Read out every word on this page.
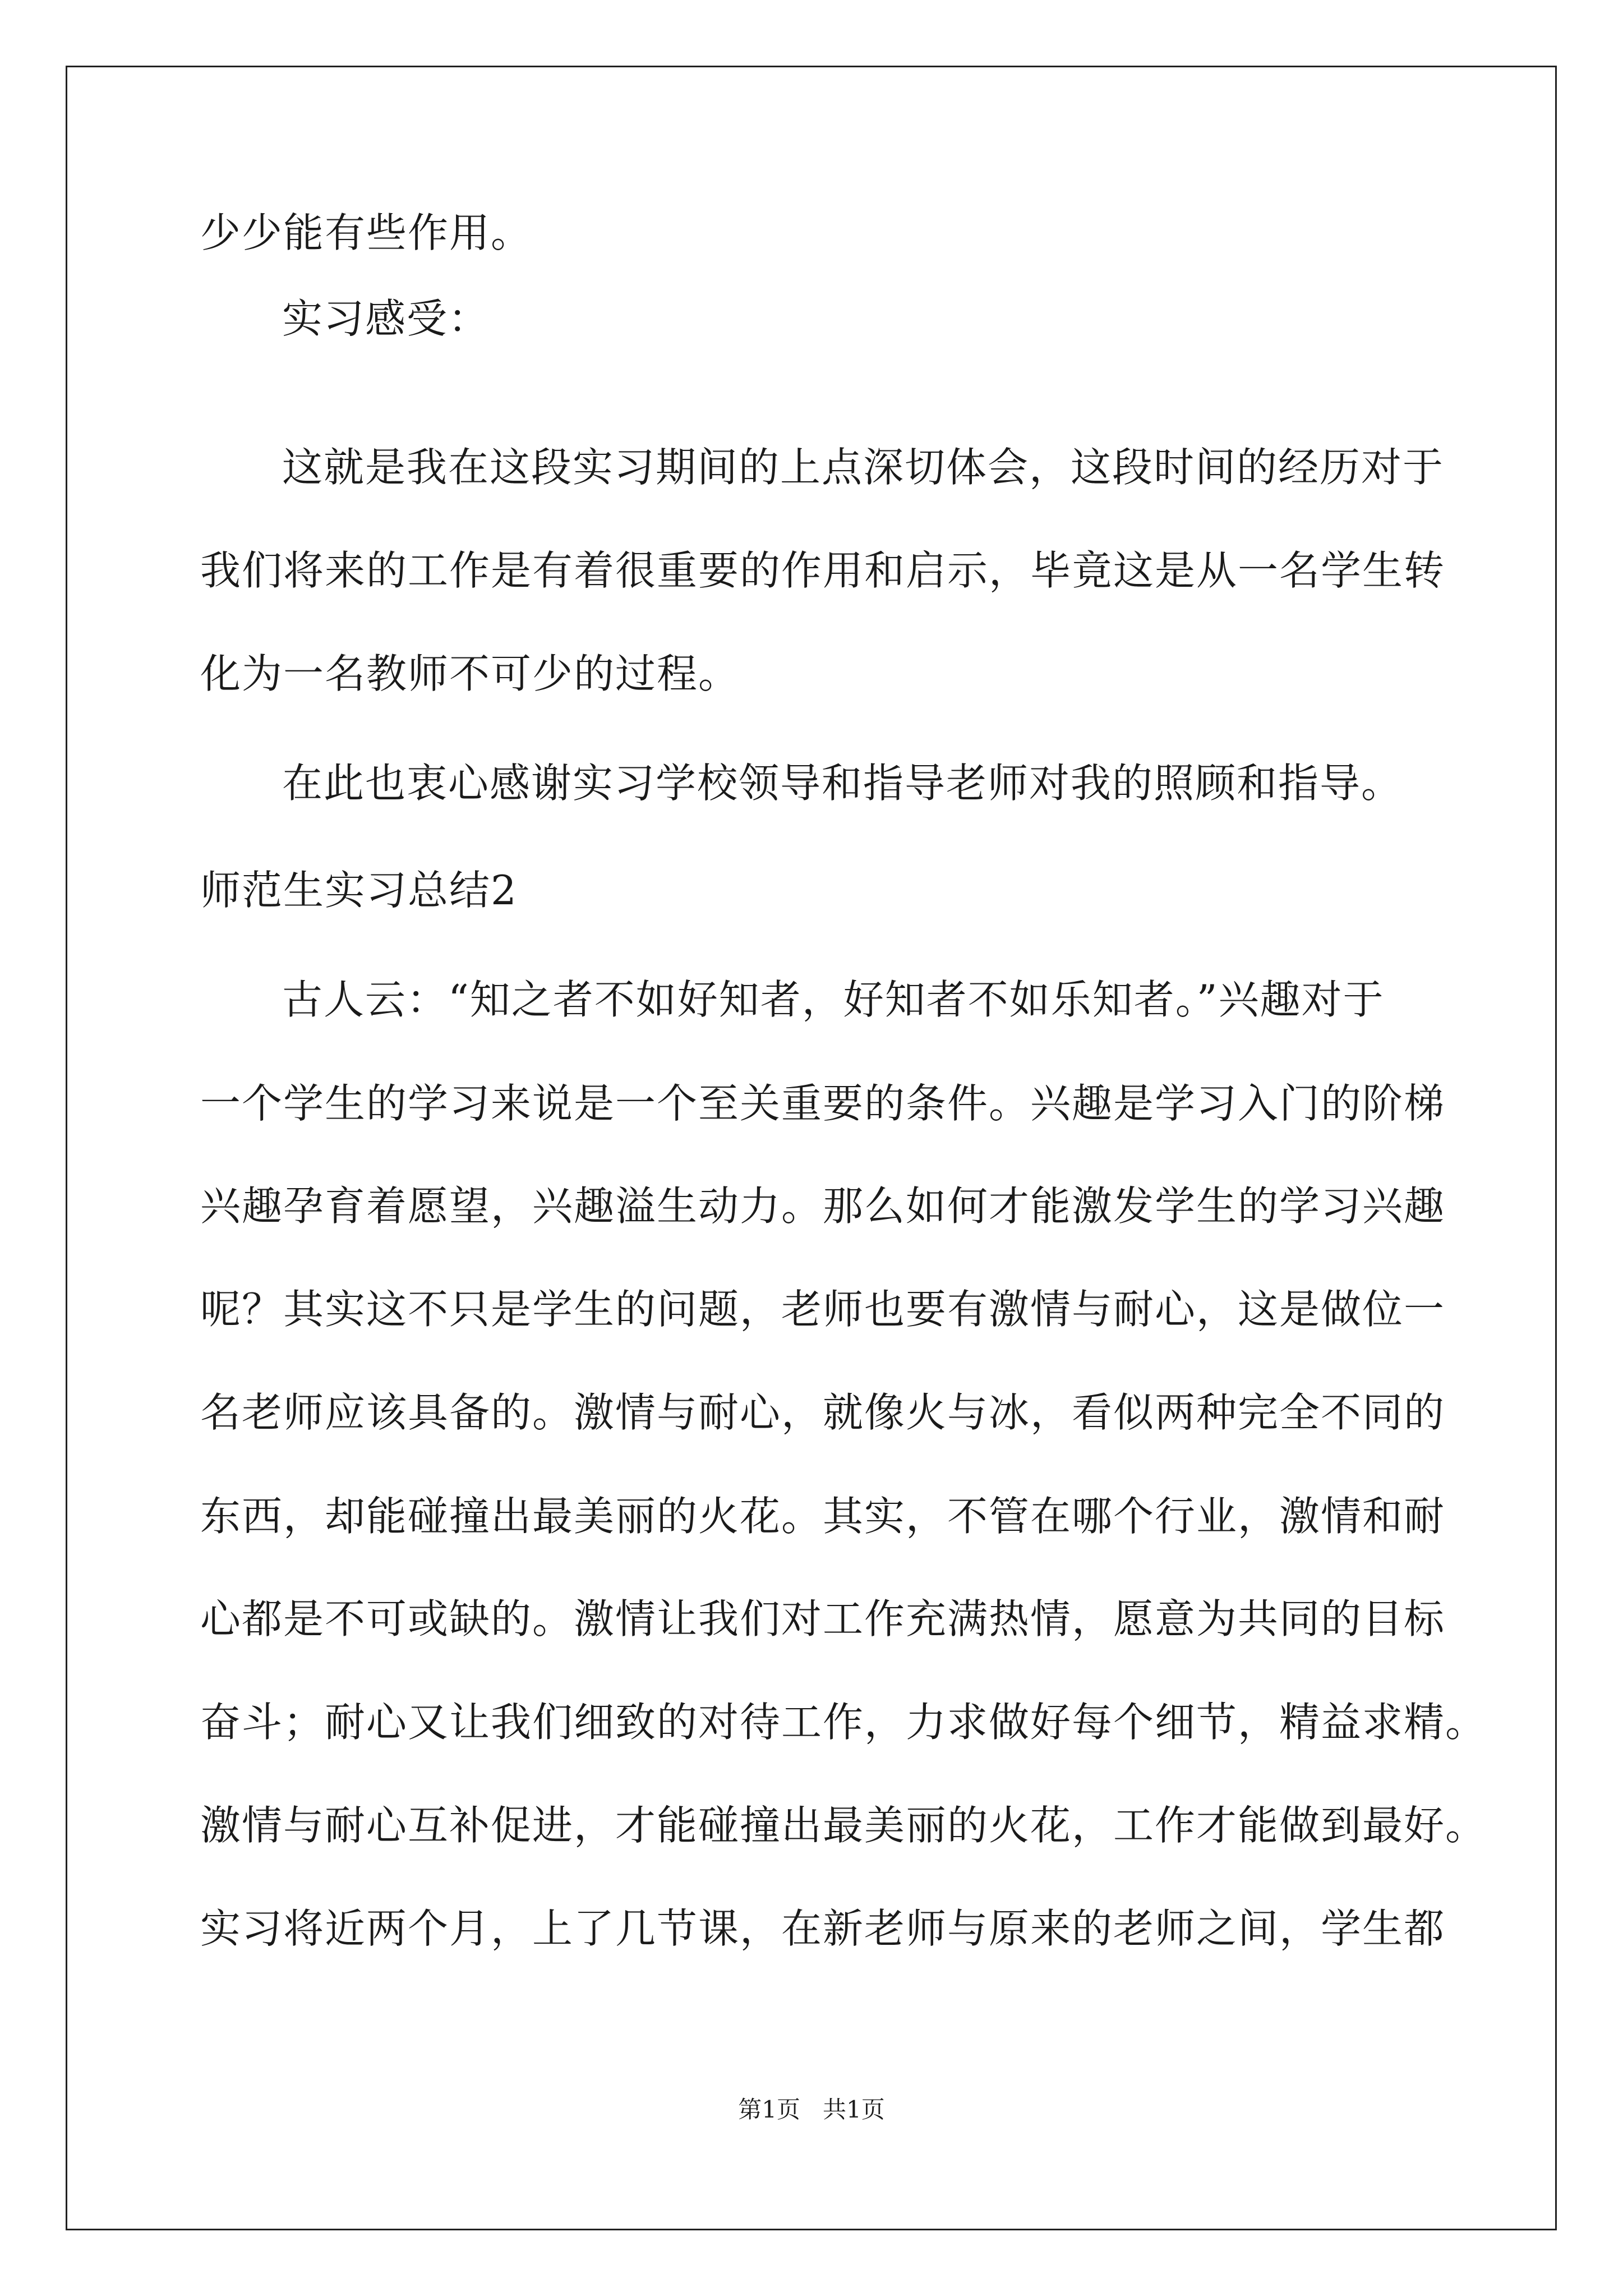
少少能有些作用。
实习感受：
这就是我在这段实习期间的上点深切体会，这段时间的经历对于
我们将来的工作是有着很重要的作用和启示，毕竟这是从一名学生转
化为一名教师不可少的过程。
在此也衷心感谢实习学校领导和指导老师对我的照顾和指导。
师范生实习总结2
古人云：“知之者不如好知者，好知者不如乐知者。”兴趣对于
一个学生的学习来说是一个至关重要的条件。兴趣是学习入门的阶梯
兴趣孕育着愿望，兴趣溢生动力。那么如何才能激发学生的学习兴趣
呢？其实这不只是学生的问题，老师也要有激情与耐心，这是做位一
名老师应该具备的。激情与耐心，就像火与冰，看似两种完全不同的
东西，却能碰撞出最美丽的火花。其实，不管在哪个行业，激情和耐
心都是不可或缺的。激情让我们对工作充满热情，愿意为共同的目标
奋斗；耐心又让我们细致的对待工作，力求做好每个细节，精益求精。
激情与耐心互补促进，才能碰撞出最美丽的火花，工作才能做到最好。
实习将近两个月，上了几节课，在新老师与原来的老师之间，学生都
第1页   共1页
